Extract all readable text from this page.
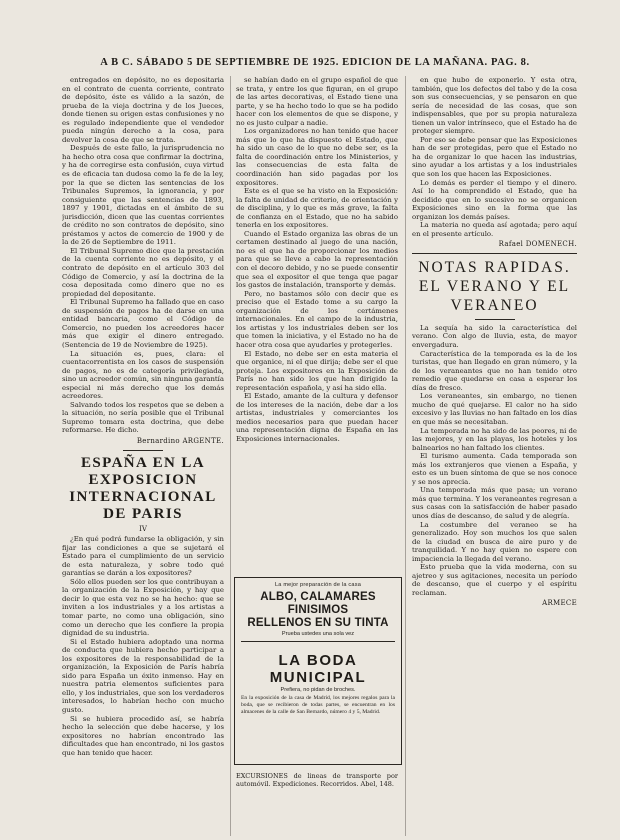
A B C. SÁBADO 5 DE SEPTIEMBRE DE 1925. EDICION DE LA MAÑANA. PAG. 8.

entregados en depósito, no es depositaria en el contrato de cuenta corriente, contrato de depósito, éste es válido a la sazón, de prueba de la vieja doctrina y de los Jueces, donde tienen su origen estas confusiones y no es regulado independiente que el vendedor pueda ningún derecho a la cosa, para devolver la cosa de que se trata.

Después de este fallo, la jurisprudencia no ha hecho otra cosa que confirmar la doctrina, y ha de corregirse esta confusión, cuya virtud es de eficacia tan dudosa como la fe de la ley, por la que se dicten las sentencias de los Tribunales Supremos, la ignorancia, y por consiguiente que las sentencias de 1893, 1897 y 1901, dictadas en el ámbito de su jurisdicción, dicen que las cuentas corrientes de crédito no son contratos de depósito, sino préstamos y actos de comercio de 1900 y de la de 26 de Septiembre de 1911.

El Tribunal Supremo dice que la prestación de la cuenta corriente no es depósito, y el contrato de depósito en el artículo 303 del Código de Comercio, y así la doctrina de la cosa depositada como dinero que no es propiedad del depositante.

El Tribunal Supremo ha fallado que en caso de suspensión de pagos ha de darse en una entidad bancaria, como el Código de Comercio, no pueden los acreedores hacer más que exigir el dinero entregado. (Sentencia de 19 de Noviembre de 1925).

La situación es, pues, clara: el cuentacorrentista en los casos de suspensión de pagos, no es de categoría privilegiada, sino un acreedor común, sin ninguna garantía especial ni más derecho que los demás acreedores.

Salvando todos los respetos que se deben a la situación, no sería posible que el Tribunal Supremo tomara esta doctrina, que debe reformarse. He dicho.

Bernardino ARGENTE.
ESPAÑA EN LA EXPOSICION INTERNACIONAL DE PARIS
IV

¿En qué podrá fundarse la obligación, y sin fijar las condiciones a que se sujetará el Estado para el cumplimiento de un servicio de esta naturaleza, y sobre todo qué garantías se darán a los expositores?

Sólo ellos pueden ser los que contribuyan a la organización de la Exposición, y hay que decir lo que esta vez no se ha hecho: que se inviten a los industriales y a los artistas a tomar parte, no como una obligación, sino como un derecho que les confiere la propia dignidad de su industria.

Si el Estado hubiera adoptado una norma de conducta que hubiera hecho participar a los expositores de la responsabilidad de la organización, la Exposición de París habría sido para España un éxito inmenso. Hay en nuestra patria elementos suficientes para ello, y los industriales, que son los verdaderos interesados, lo habrían hecho con mucho gusto.

Si se hubiera procedido así, se habría hecho la selección que debe hacerse, y los expositores no habrían encontrado las dificultades que han encontrado, ni los gastos que han tenido que hacer.

se habían dado en el grupo español de que se trata, y entre los que figuran, en el grupo de las artes decorativas, el Estado tiene una parte, y se ha hecho todo lo que se ha podido hacer con los elementos de que se dispone, y no es justo culpar a nadie.

Los organizadores no han tenido que hacer más que lo que ha dispuesto el Estado, que ha sido un caso de lo que no debe ser, es la falta de coordinación entre los Ministerios, y las consecuencias de esta falta de coordinación han sido pagadas por los expositores.

Este es el que se ha visto en la Exposición: la falta de unidad de criterio, de orientación y de disciplina, y lo que es más grave, la falta de confianza en el Estado, que no ha sabido tenerla en los expositores.

Cuando el Estado organiza las obras de un certamen destinado al juego de una nación, no es el que ha de proporcionar los medios para que se lleve a cabo la representación con el decoro debido, y no se puede consentir que sea el expositor el que tenga que pagar los gastos de instalación, transporte y demás.

Pero, no bastamos sólo con decir que es preciso que el Estado tome a su cargo la organización de los certámenes internacionales. En el campo de la industria, los artistas y los industriales deben ser los que tomen la iniciativa, y el Estado no ha de hacer otra cosa que ayudarles y protegerles.

El Estado, no debe ser en esta materia el que organice, ni el que dirija; debe ser el que proteja. Los expositores en la Exposición de París no han sido los que han dirigido la representación española, y así ha sido ella.

El Estado, amante de la cultura y defensor de los intereses de la nación, debe dar a los artistas, industriales y comerciantes los medios necesarios para que puedan hacer una representación digna de España en las Exposiciones internacionales.

La mejor preparación de la casa
ALBO, CALAMARES FINISIMOS
RELLENOS EN SU TINTA
Prueba ustedes una sola vez
LA BODA MUNICIPAL
Prefiera, no pidan de broches.
En la exposición de la casa de Madrid, los mejores regalos para la boda, que se recibieron de todas partes, se encuentran en los almacenes de la calle de San Bernardo, número 4 y 5, Madrid.
EXCURSIONES de lineas de transporte por automóvil. Expediciones. Recorridos. Abel, 148.

en que hubo de exponerlo. Y esta otra, también, que los defectos del tabo y de la cosa son sus consecuencias, y se pensaron en que sería de necesidad de las cosas, que son indispensables, que por su propia naturaleza tienen un valor intrínseco, que el Estado ha de proteger siempre.

Por eso se debe pensar que las Exposiciones han de ser protegidas, pero que el Estado no ha de organizar lo que hacen las industrias, sino ayudar a los artistas y a los industriales que son los que hacen las Exposiciones.

Lo demás es perder el tiempo y el dinero. Así lo ha comprendido el Estado, que ha decidido que en lo sucesivo no se organicen Exposiciones sino en la forma que las organizan los demás países.

La materia no queda así agotada; pero aquí en el presente artículo.

Rafael DOMENECH.
NOTAS RAPIDAS. EL VERANO Y EL VERANEO

La sequía ha sido la característica del verano. Con algo de lluvia, esta, de mayor envergadura.

Característica de la temporada es la de los turistas, que han llegado en gran número, y la de los veraneantes que no han tenido otro remedio que quedarse en casa a esperar los días de fresco.

Los veraneantes, sin embargo, no tienen mucho de qué quejarse. El calor no ha sido excesivo y las lluvias no han faltado en los días en que más se necesitaban.

La temporada no ha sido de las peores, ni de las mejores, y en las playas, los hoteles y los balnearios no han faltado los clientes.

El turismo aumenta. Cada temporada son más los extranjeros que vienen a España, y esto es un buen síntoma de que se nos conoce y se nos aprecia.

Una temporada más que pasa; un verano más que termina. Y los veraneantes regresan a sus casas con la satisfacción de haber pasado unos días de descanso, de salud y de alegría.

La costumbre del veraneo se ha generalizado. Hoy son muchos los que salen de la ciudad en busca de aire puro y de tranquilidad. Y no hay quien no espere con impaciencia la llegada del verano.

Esto prueba que la vida moderna, con su ajetreo y sus agitaciones, necesita un período de descanso, que el cuerpo y el espíritu reclaman.

ARMECE
